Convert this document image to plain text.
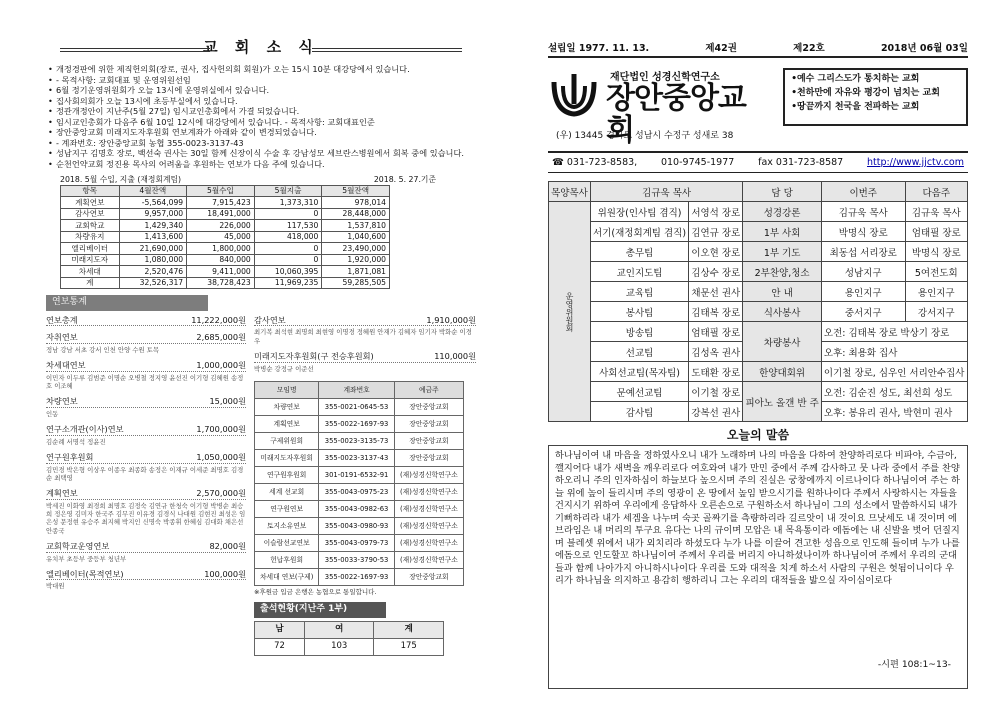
교 회 소 식
• 개정경판에 위한 제직헌의회(장로, 권사, 집사헌의회 회원)가 오는 15시 10분 대강당에서 있습니다.
• - 목적사항: 교회대표 및 운영위원선임
• 6월 정기운영위원회가 오늘 13시에 운영위실에서 있습니다.
• 집사회의회가 오늘 13시에 초등부실에서 있습니다.
• 정관개정안이 지난주(5월 27일) 임시교인총회에서 가결 되었습니다.
• 임시교인총회가 다음주 6월 10일 12시에 대강당에서 있습니다. - 목적사항: 교회대표인준
• 장안중앙교회 미래지도자후원회 연보계좌가 아래와 같이 변경되었습니다.
• - 계좌번호: 장안중앙교회 농협 355-0023-3137-43
• 성남지구 김명호 장로, 백선숙 권사는 30일 함께 신장이식 수술 후 강남성모 세브란스병원에서 회복 중에 있습니다.
• 순천언약교회 정진용 목사의 어려움을 후원하는 연보가 다음 주에 있습니다.
2018. 5월 수입, 지출 (재정회계팀)	2018. 5. 27.기준
항목	4월잔액	5월수입	5월지출	5월잔액
계획연보	-5,564,099	7,915,423	1,373,310	978,014
감사연보	9,957,000	18,491,000	0	28,448,000
교회학교	1,429,340	226,000	117,530	1,537,810
차량유지	1,413,600	45,000	418,000	1,040,600
엘리베이터	21,690,000	1,800,000	0	23,490,000
미래지도자	1,080,000	840,000	0	1,920,000
차세대	2,520,476	9,411,000	10,060,395	1,871,081
계	32,526,317	38,728,423	11,969,235	59,285,505
연보통계
연보총계	11,222,000원
자취연보	2,685,000원
정남 강남 서초 강서 인천 안양 수원 토목
차세대연보	1,000,000원
이민자 이두루 김범준 이명순 오병철 정지영 윤선진 이기형 김혜원 송정호 이조혜
차량연보	15,000원
인동
연구소개관(이사)연보	1,700,000원
김순례 서명석 정윤진
연구원후원회	1,050,000원
김민경 박은형 이상우 이종우 최종화 송정은 이재규 이세준 최명호 김경순 최택영
계획연보	2,570,000원
박세진 이화영 최경희 최명호 김정숙 김연규 한청숙 이기형 박병순 최승희 정은영 김미자 한국주 김무진 이유경 김경식 나대원 김현진 최성은 임은성 문정현 유승주 최지혜 박지인 신명숙 박종휘 한혜심 김대화 채은선 안종국
교회학교운영연보	82,000원
유치부 초등부 중등부 청년부
엘리베이터(목적연보)	100,000원
박대원
감사연보	1,910,000원
최기복 최석현 최명희 최현영 이명경 정혜원 안재가 김혜자 임기자 박화순 이경우
미래지도자후원회(구 전승후원회)	110,000원
박병순 강정규 이준선
모임명	계좌번호	예금주
차량연보	355-0021-0645-53	장안중앙교회
계획연보	355-0022-1697-93	장안중앙교회
구제위원회	355-0023-3135-73	장안중앙교회
미래지도자후원회	355-0023-3137-43	장안중앙교회
연구원후원회	301-0191-6532-91	(재)성경신학연구소
세계 선교회	355-0043-0975-23	(재)성경신학연구소
연구원연보	355-0043-0982-63	(재)성경신학연구소
토지소유연보	355-0043-0980-93	(재)성경신학연구소
이슬람선교연보	355-0043-0979-73	(재)성경신학연구소
헌납후원회	355-0033-3790-53	(재)성경신학연구소
차세대 연보(구제)	355-0022-1697-93	장안중앙교회
※후원금 입금 은행은 농협으로 통일합니다.
출석현황(지난주 1부)
남	여	계
72	103	175
설립일 1977. 11. 13.	제42권	제22호	2018년 06월 03일
재단법인 성경신학연구소
장안중앙교회
•예수 그리스도가 통치하는 교회
•천하만에 자유와 평강이 넘치는 교회
•땅끝까지 천국을 전파하는 교회
(우) 13445 경기도 성남시 수정구 성새로 38
☎ 031-723-8583,	010-9745-1977	fax 031-723-8587	http://www.jjctv.com
목양목사	김규욱 목사		담 당	이번주	다음주
운영위원회	위원장(인사팀 겸직)	서영석 장로	성경강론	김규욱 목사	김규욱 목사
	서기(재정회계팀 겸직)	김연규 장로	1부 사회	박명식 장로	엄태필 장로
	총무팀	이오현 장로	1부 기도	최동섭 서리장로	박명식 장로
	교인지도팀	김상수 장로	2부찬양,청소	성남지구	5여전도회
	교육팀	채문선 권사	안 내	용인지구	용인지구
	봉사팀	김태복 장로	식사봉사	중서지구	강서지구
	방송팀	엄태필 장로	차량봉사	오전: 김태복 장로 박상기 장로	
	선교팀	김성옥 권사		오후: 최용화 집사	
	사회선교팀(목자팀)	도태환 장로	한양대회위	이기철 장로, 심우인 서리안수집사	
	문예선교팀	이기철 장로	피아노 올갠 반 주	오전: 김순진 성도, 최선희 성도	
	감사팀	강복선 권사		오후: 봉유리 권사, 박현미 권사	
오늘의 말씀
하나님이여 내 마음을 정하였사오니 내가 노래하며 나의 마음을 다하여 찬양하리로다 비파야, 수금아, 깰지어다 내가 새벽을 깨우리로다 여호와여 내가 만민 중에서 주께 감사하고 뭇 나라 중에서 주를 찬양하오리니 주의 인자하심이 하늘보다 높으시며 주의 진실은 궁창에까지 이르나이다 하나님이여 주는 하늘 위에 높이 들리시며 주의 영광이 온 땅에서 높임 받으시기를 원하나이다 주께서 사랑하시는 자들을 건지시기 위하여 우리에게 응답하사 오른손으로 구원하소서 하나님이 그의 성소에서 말씀하시되 내가 기뻐하리라 내가 세겜을 나누며 숙곳 골짜기를 측량하리라 길르앗이 내 것이요 므낫세도 내 것이며 에브라임은 내 머리의 투구요 유다는 나의 규이며 모압은 내 목욕통이라 에돔에는 내 신발을 벗어 던질지며 블레셋 위에서 내가 외치리라 하셨도다 누가 나를 이끌어 견고한 성읍으로 인도해 들이며 누가 나를 에돔으로 인도할꼬 하나님이여 주께서 우리를 버리지 아니하셨나이까 하나님이여 주께서 우리의 군대들과 함께 나아가지 아니하시나이다 우리를 도와 대적을 치게 하소서 사람의 구원은 헛됨이니이다 우리가 하나님을 의지하고 용감히 행하리니 그는 우리의 대적들을 밟으실 자이심이로다
-시편 108:1~13-
